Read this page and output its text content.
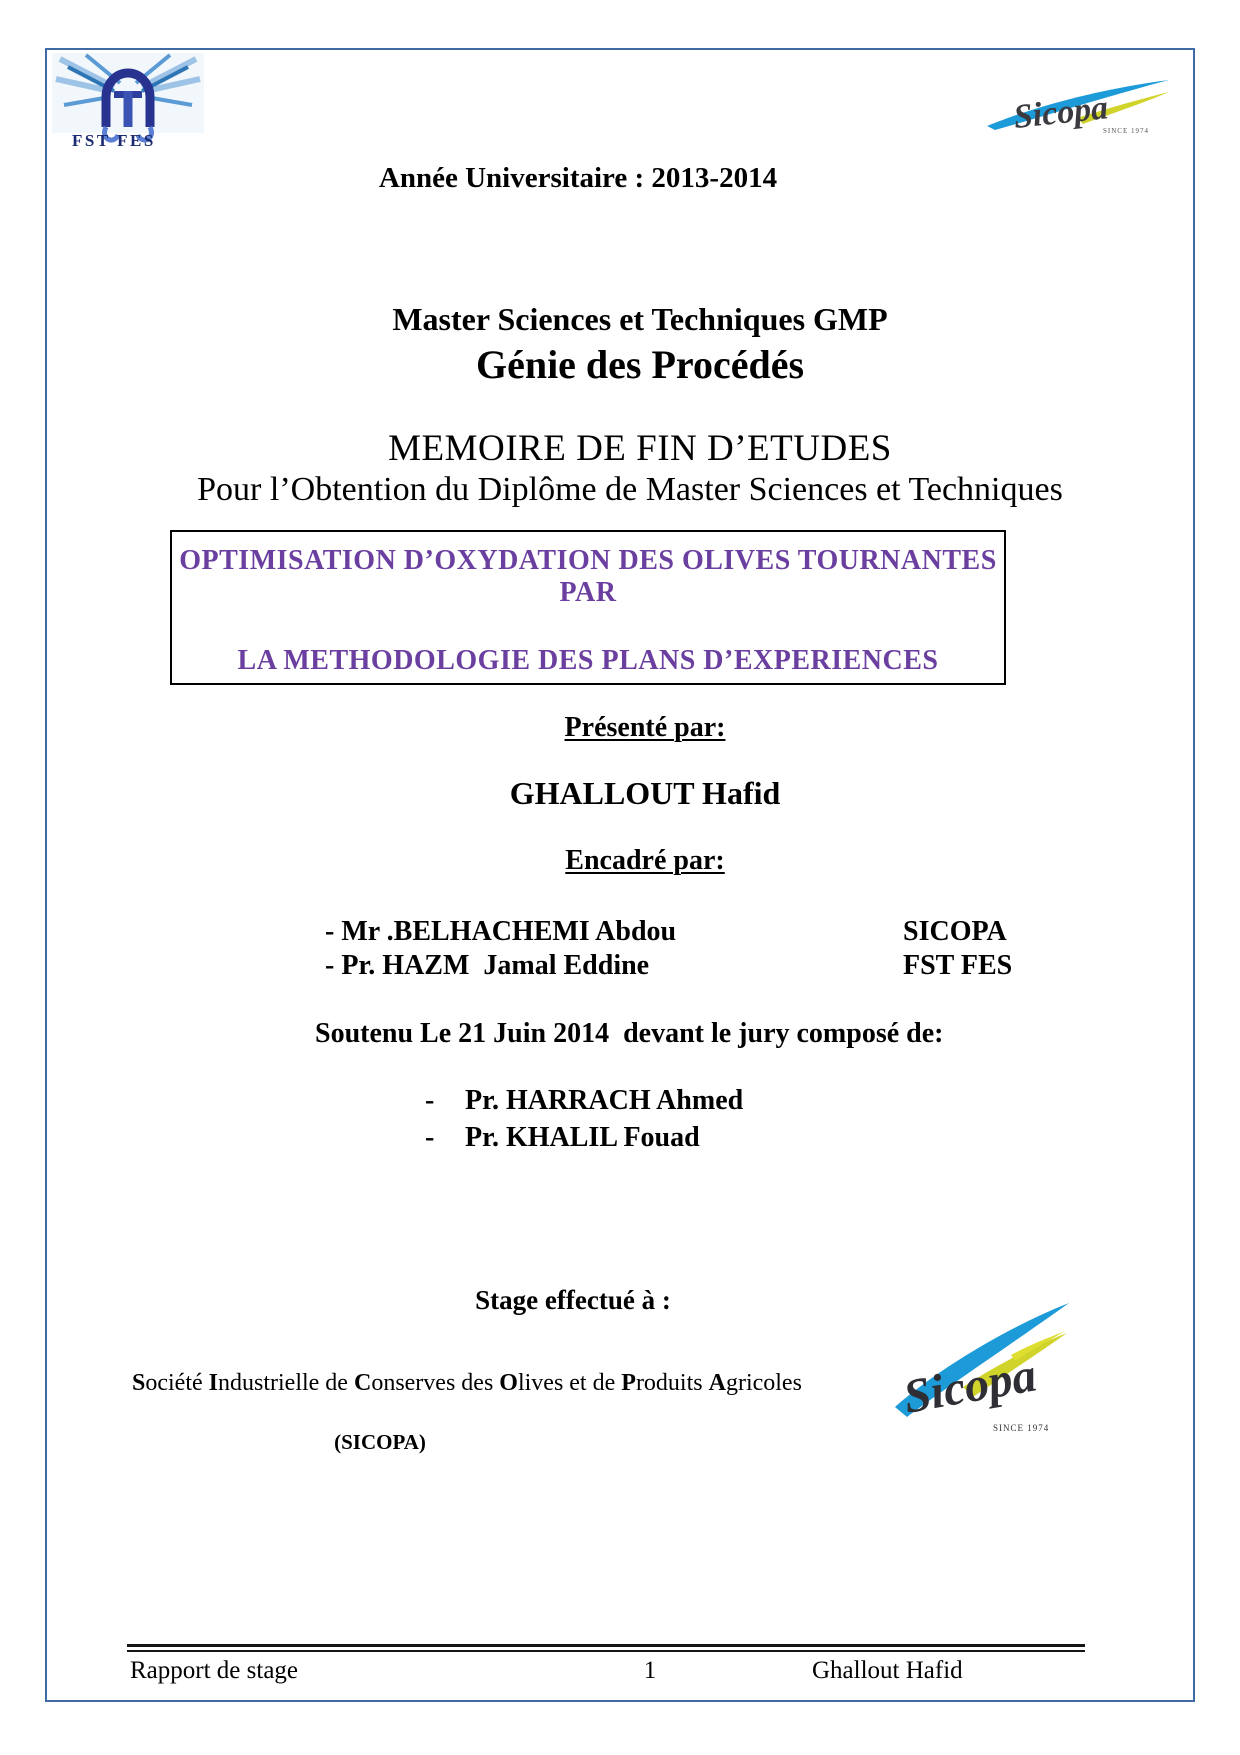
FST FES
Sicopa
SINCE 1974
Année Universitaire : 2013-2014
Master Sciences et Techniques GMP
Génie des Procédés
MEMOIRE DE FIN D’ETUDES
Pour l’Obtention du Diplôme de Master Sciences et Techniques
OPTIMISATION D’OXYDATION DES OLIVES TOURNANTES PAR
LA METHODOLOGIE DES PLANS D’EXPERIENCES
Présenté par:
GHALLOUT Hafid
Encadré par:
- Mr .BELHACHEMI Abdou	SICOPA
- Pr. HAZM  Jamal Eddine	FST FES
Soutenu Le 21 Juin 2014  devant le jury composé de:
-	Pr. HARRACH Ahmed
-	Pr. KHALIL Fouad
Stage effectué à :
Société Industrielle de Conserves des Olives et de Produits Agricoles
(SICOPA)
Sicopa
SINCE 1974
Rapport de stage	1	Ghallout Hafid
